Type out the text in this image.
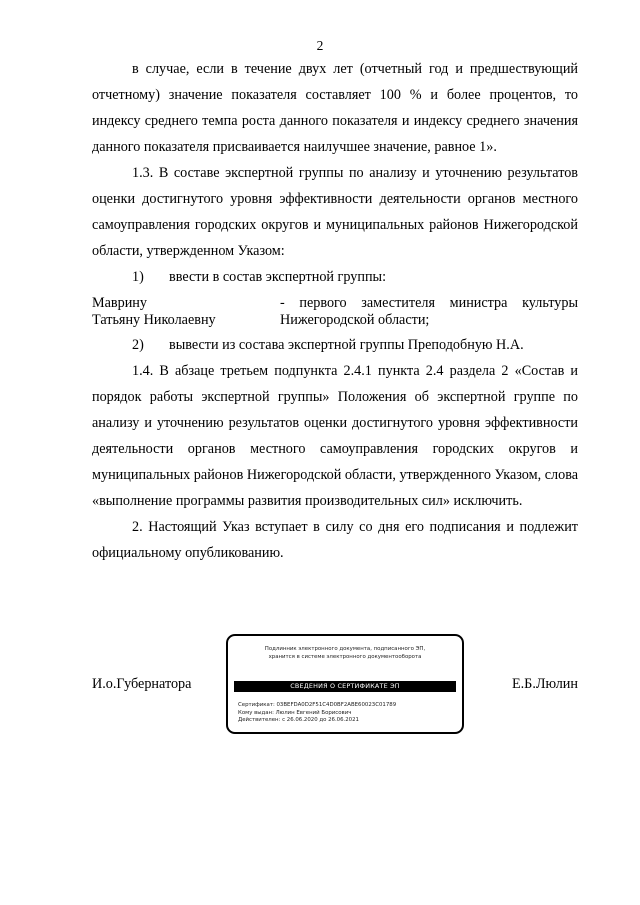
2

в случае, если в течение двух лет (отчетный год и предшествующий отчетному) значение показателя составляет 100 % и более процентов, то индексу среднего темпа роста данного показателя и индексу среднего значения данного показателя присваивается наилучшее значение, равное 1».

1.3. В составе экспертной группы по анализу и уточнению результатов оценки достигнутого уровня эффективности деятельности органов местного самоуправления городских округов и муниципальных районов Нижегородской области, утвержденном Указом:

1) ввести в состав экспертной группы:

Маврину
Татьяну Николаевну
- первого заместителя министра культуры
Нижегородской области;

2) вывести из состава экспертной группы Преподобную Н.А.

1.4. В абзаце третьем подпункта 2.4.1 пункта 2.4 раздела 2 «Состав и порядок работы экспертной группы» Положения об экспертной группе по анализу и уточнению результатов оценки достигнутого уровня эффективности деятельности органов местного самоуправления городских округов и муниципальных районов Нижегородской области, утвержденного Указом, слова «выполнение программы развития производительных сил» исключить.

2. Настоящий Указ вступает в силу со дня его подписания и подлежит официальному опубликованию.

И.о.Губернатора
Подлинник электронного документа, подписанного ЭП,
хранится в системе электронного документооборота
СВЕДЕНИЯ О СЕРТИФИКАТЕ ЭП
Сертификат: 03BEFDA0D2F51C4D0BF2ABE60023C01789
Кому выдан: Люлин Евгений Борисович
Действителен: с 26.06.2020 до 26.06.2021
Е.Б.Люлин
